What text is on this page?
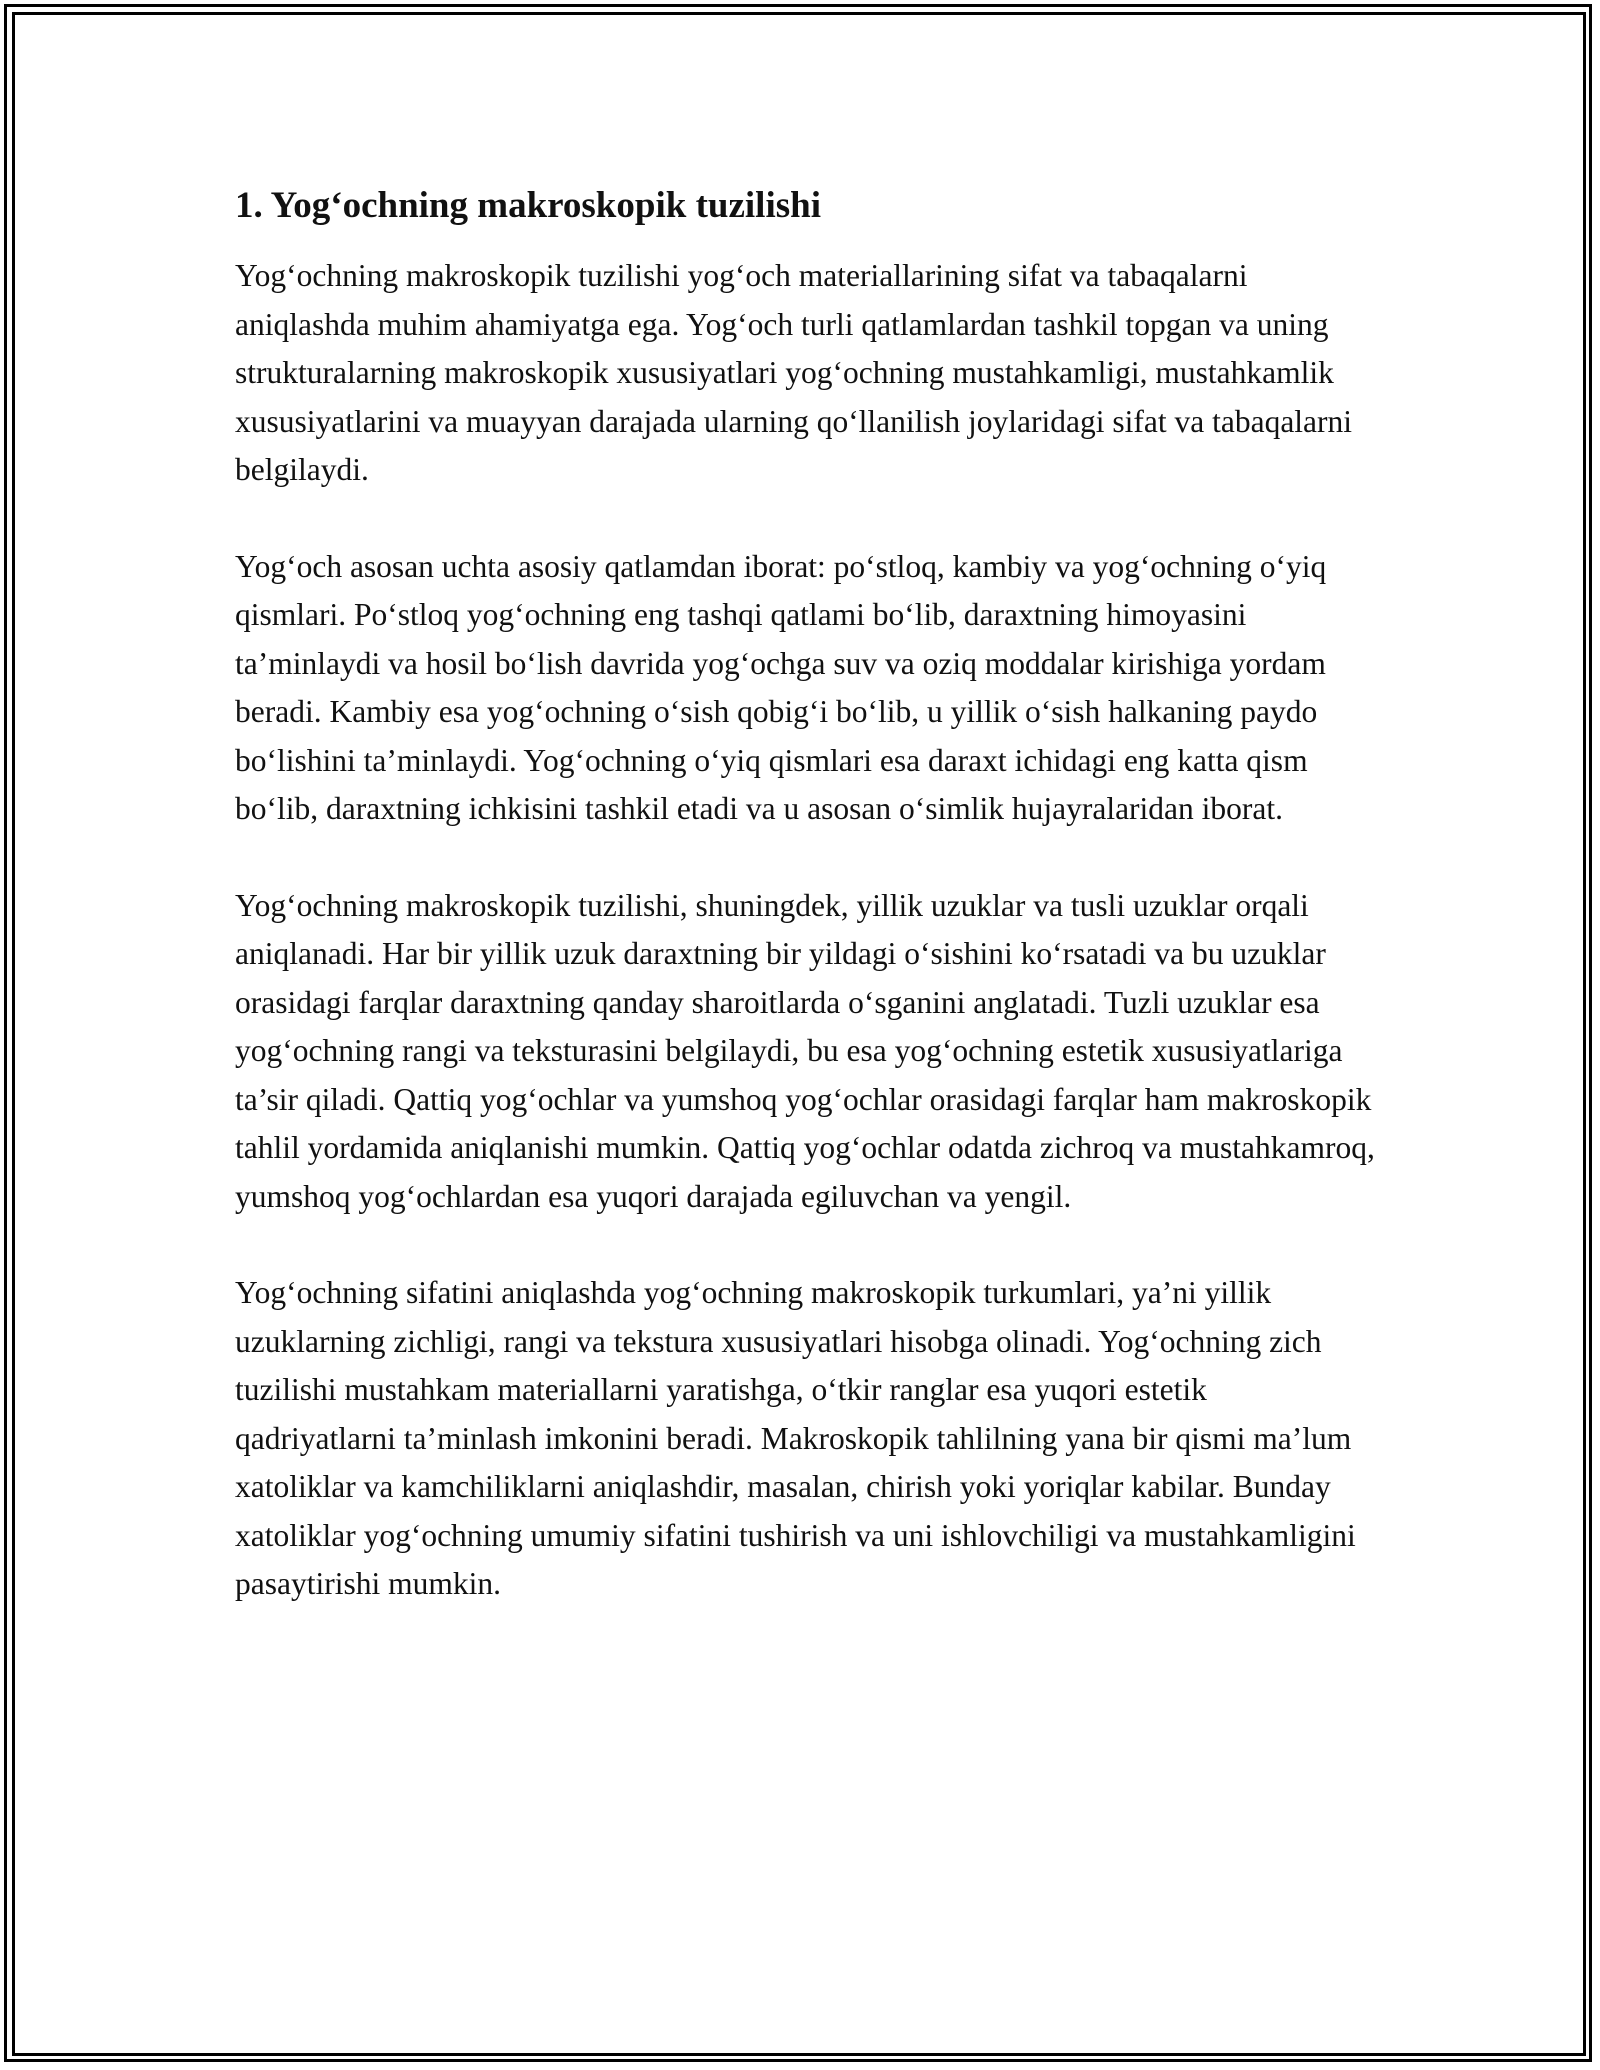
1. Yog‘ochning makroskopik tuzilishi

Yog‘ochning makroskopik tuzilishi yog‘och materiallarining sifat va tabaqalarni aniqlashda muhim ahamiyatga ega. Yog‘och turli qatlamlardan tashkil topgan va uning strukturalarning makroskopik xususiyatlari yog‘ochning mustahkamligi, mustahkamlik xususiyatlarini va muayyan darajada ularning qo‘llanilish joylaridagi sifat va tabaqalarni belgilaydi.

Yog‘och asosan uchta asosiy qatlamdan iborat: po‘stloq, kambiy va yog‘ochning o‘yiq qismlari. Po‘stloq yog‘ochning eng tashqi qatlami bo‘lib, daraxtning himoyasini ta’minlaydi va hosil bo‘lish davrida yog‘ochga suv va oziq moddalar kirishiga yordam beradi. Kambiy esa yog‘ochning o‘sish qobig‘i bo‘lib, u yillik o‘sish halkaning paydo bo‘lishini ta’minlaydi. Yog‘ochning o‘yiq qismlari esa daraxt ichidagi eng katta qism bo‘lib, daraxtning ichkisini tashkil etadi va u asosan o‘simlik hujayralaridan iborat.

Yog‘ochning makroskopik tuzilishi, shuningdek, yillik uzuklar va tusli uzuklar orqali aniqlanadi. Har bir yillik uzuk daraxtning bir yildagi o‘sishini ko‘rsatadi va bu uzuklar orasidagi farqlar daraxtning qanday sharoitlarda o‘sganini anglatadi. Tuzli uzuklar esa yog‘ochning rangi va teksturasini belgilaydi, bu esa yog‘ochning estetik xususiyatlariga ta’sir qiladi. Qattiq yog‘ochlar va yumshoq yog‘ochlar orasidagi farqlar ham makroskopik tahlil yordamida aniqlanishi mumkin. Qattiq yog‘ochlar odatda zichroq va mustahkamroq, yumshoq yog‘ochlardan esa yuqori darajada egiluvchan va yengil.

Yog‘ochning sifatini aniqlashda yog‘ochning makroskopik turkumlari, ya’ni yillik uzuklarning zichligi, rangi va tekstura xususiyatlari hisobga olinadi. Yog‘ochning zich tuzilishi mustahkam materiallarni yaratishga, o‘tkir ranglar esa yuqori estetik qadriyatlarni ta’minlash imkonini beradi. Makroskopik tahlilning yana bir qismi ma’lum xatoliklar va kamchiliklarni aniqlashdir, masalan, chirish yoki yoriqlar kabilar. Bunday xatoliklar yog‘ochning umumiy sifatini tushirish va uni ishlovchiligi va mustahkamligini pasaytirishi mumkin.
